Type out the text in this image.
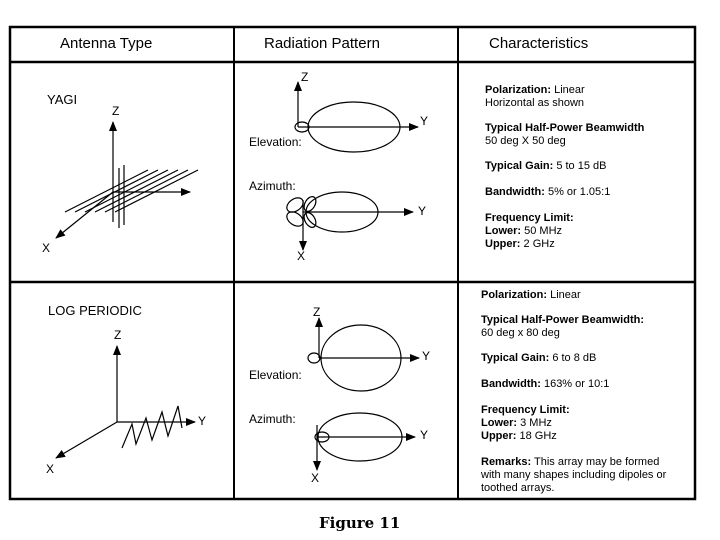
Antenna Type	Radiation Pattern	Characteristics
YAGI
Z
X
Z
Y
Elevation:
Azimuth:
Y
X
Polarization: Linear
Horizontal as shown
Typical Half-Power Beamwidth
50 deg X 50 deg
Typical Gain: 5 to 15 dB
Bandwidth: 5% or 1.05:1
Frequency Limit:
Lower: 50 MHz
Upper: 2 GHz
LOG PERIODIC
Z
Y
X
Z
Y
Elevation:
Azimuth:
Y
X
Polarization: Linear
Typical Half-Power Beamwidth:
60 deg x 80 deg
Typical Gain: 6 to 8 dB
Bandwidth: 163% or 10:1
Frequency Limit:
Lower: 3 MHz
Upper: 18 GHz
Remarks: This array may be formed
with many shapes including dipoles or
toothed arrays.
Figure 11
